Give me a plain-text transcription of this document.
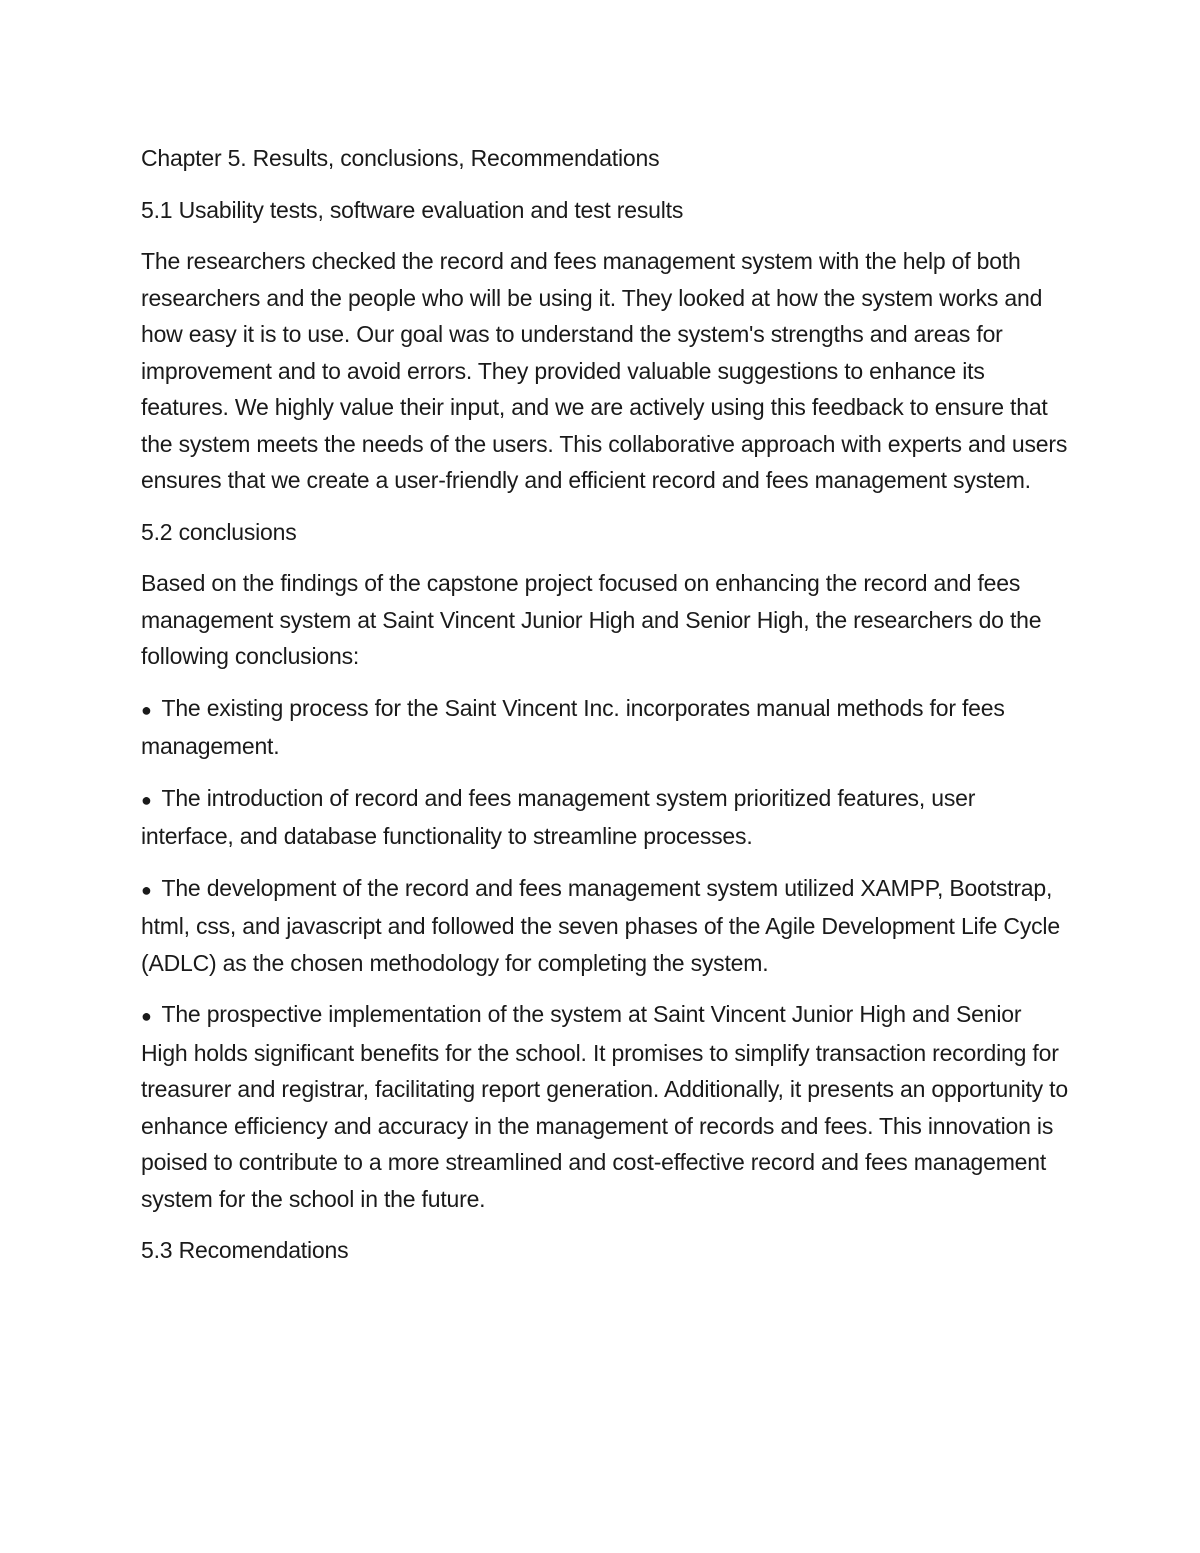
Chapter 5. Results, conclusions, Recommendations

5.1 Usability tests, software evaluation and test results

The researchers checked the record and fees management system with the help of both researchers and the people who will be using it. They looked at how the system works and how easy it is to use. Our goal was to understand the system's strengths and areas for improvement and to avoid errors. They provided valuable suggestions to enhance its features. We highly value their input, and we are actively using this feedback to ensure that the system meets the needs of the users. This collaborative approach with experts and users ensures that we create a user-friendly and efficient record and fees management system.

5.2 conclusions

Based on the findings of the capstone project focused on enhancing the record and fees management system at Saint Vincent Junior High and Senior High, the researchers do the following conclusions:

● The existing process for the Saint Vincent Inc. incorporates manual methods for fees management.

● The introduction of record and fees management system prioritized features, user interface, and database functionality to streamline processes.

● The development of the record and fees management system utilized XAMPP, Bootstrap, html, css, and javascript and followed the seven phases of the Agile Development Life Cycle (ADLC) as the chosen methodology for completing the system.

● The prospective implementation of the system at Saint Vincent Junior High and Senior High holds significant benefits for the school. It promises to simplify transaction recording for treasurer and registrar, facilitating report generation. Additionally, it presents an opportunity to enhance efficiency and accuracy in the management of records and fees. This innovation is poised to contribute to a more streamlined and cost-effective record and fees management system for the school in the future.

5.3 Recomendations
